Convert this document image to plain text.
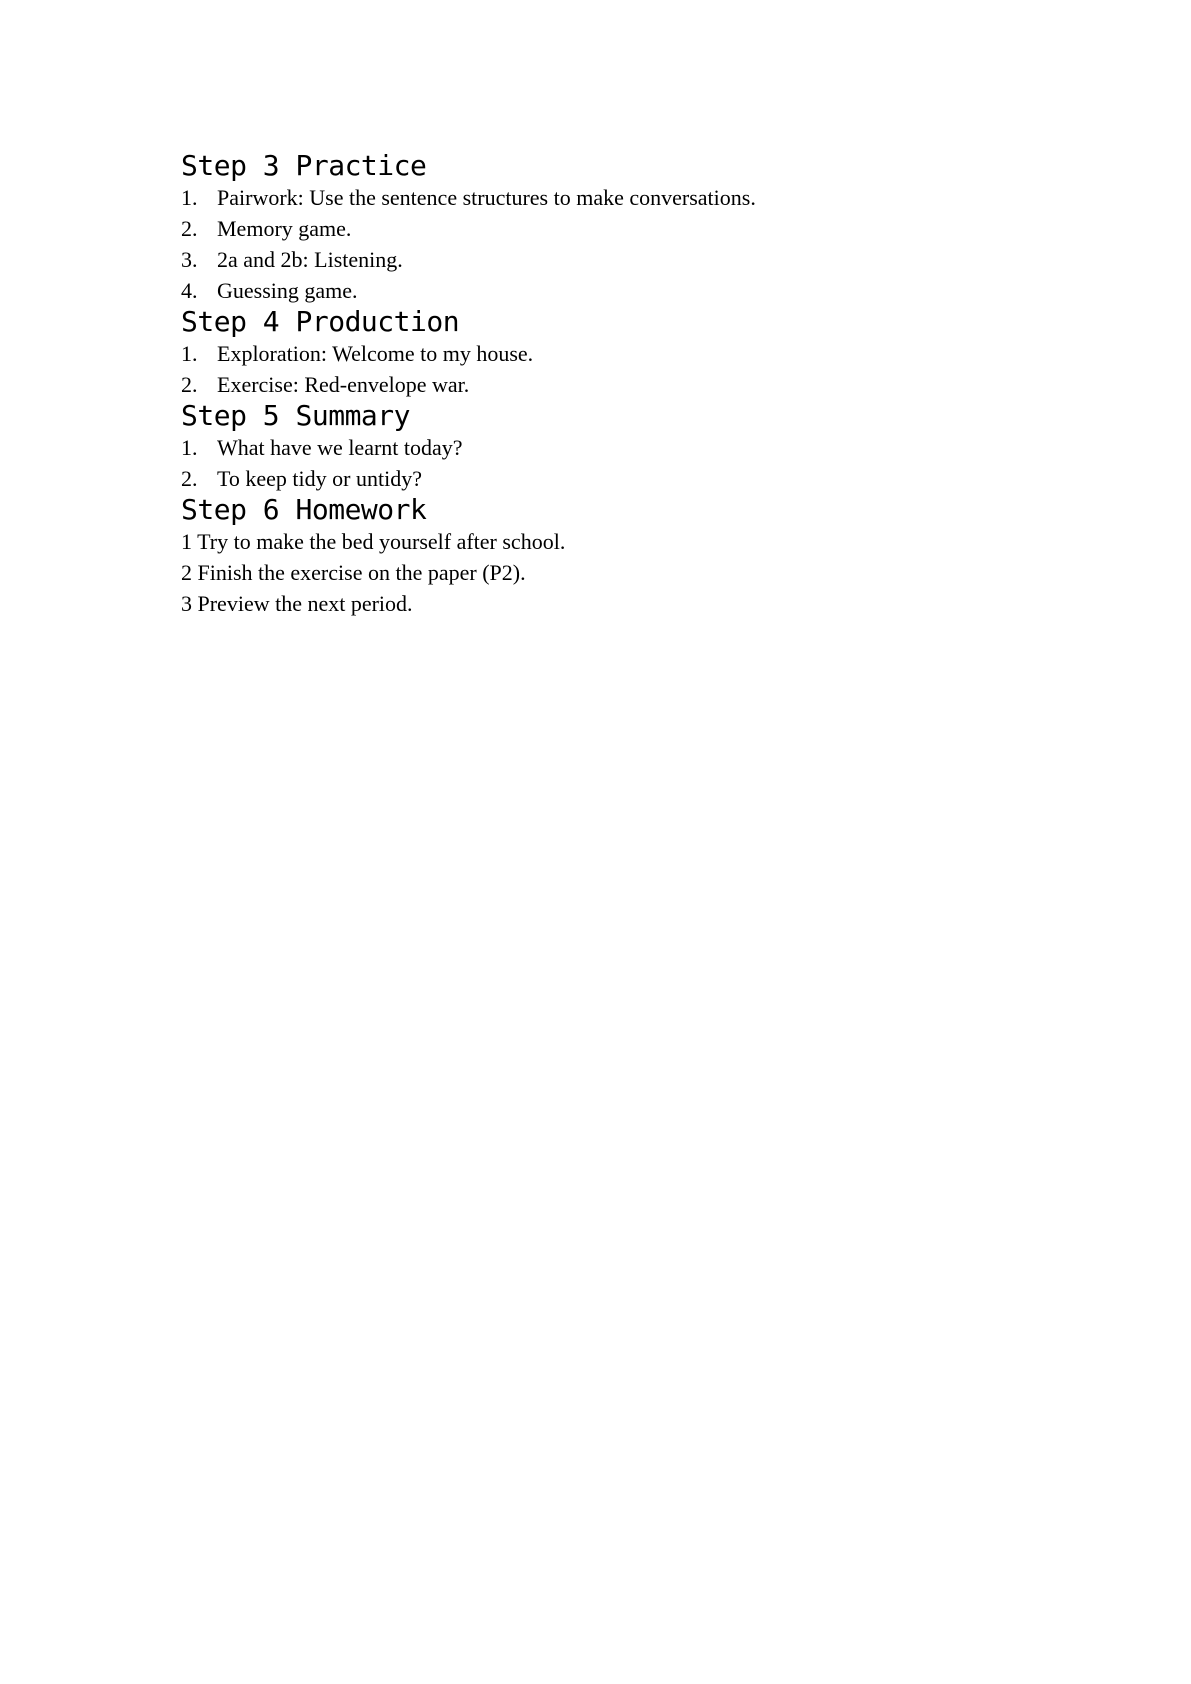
Step 3 Practice
1. Pairwork: Use the sentence structures to make conversations.
2. Memory game.
3. 2a and 2b: Listening.
4. Guessing game.
Step 4 Production
1. Exploration: Welcome to my house.
2. Exercise: Red-envelope war.
Step 5 Summary
1. What have we learnt today?
2. To keep tidy or untidy?
Step 6 Homework
1 Try to make the bed yourself after school.
2 Finish the exercise on the paper (P2).
3 Preview the next period.
